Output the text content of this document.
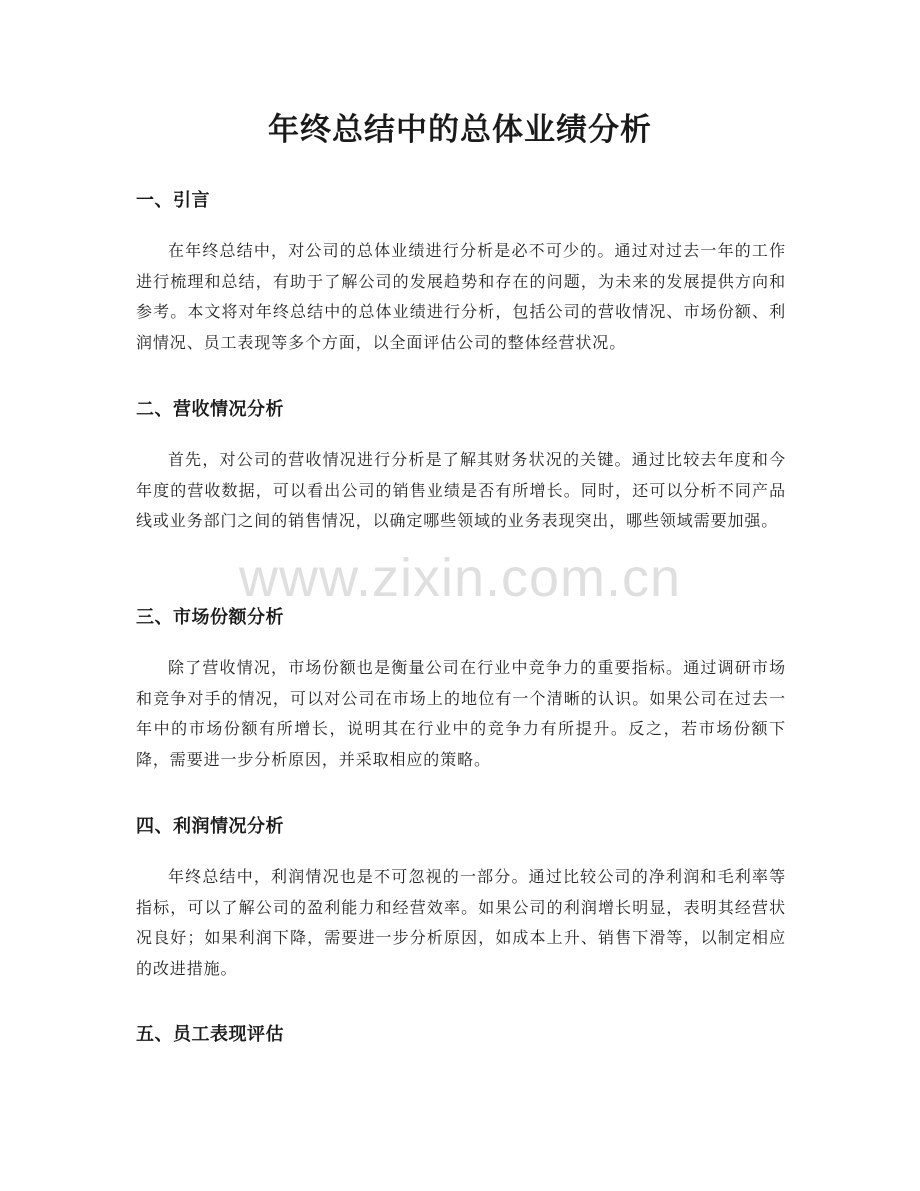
年终总结中的总体业绩分析
一、引言

在年终总结中，对公司的总体业绩进行分析是必不可少的。通过对过去一年的工作进行梳理和总结，有助于了解公司的发展趋势和存在的问题，为未来的发展提供方向和参考。本文将对年终总结中的总体业绩进行分析，包括公司的营收情况、市场份额、利润情况、员工表现等多个方面，以全面评估公司的整体经营状况。

二、营收情况分析

首先，对公司的营收情况进行分析是了解其财务状况的关键。通过比较去年度和今年度的营收数据，可以看出公司的销售业绩是否有所增长。同时，还可以分析不同产品线或业务部门之间的销售情况，以确定哪些领域的业务表现突出，哪些领域需要加强。

三、市场份额分析

除了营收情况，市场份额也是衡量公司在行业中竞争力的重要指标。通过调研市场和竞争对手的情况，可以对公司在市场上的地位有一个清晰的认识。如果公司在过去一年中的市场份额有所增长，说明其在行业中的竞争力有所提升。反之，若市场份额下降，需要进一步分析原因，并采取相应的策略。

四、利润情况分析

年终总结中，利润情况也是不可忽视的一部分。通过比较公司的净利润和毛利率等指标，可以了解公司的盈利能力和经营效率。如果公司的利润增长明显，表明其经营状况良好；如果利润下降，需要进一步分析原因，如成本上升、销售下滑等，以制定相应的改进措施。

五、员工表现评估
www.zixin.com.cn
